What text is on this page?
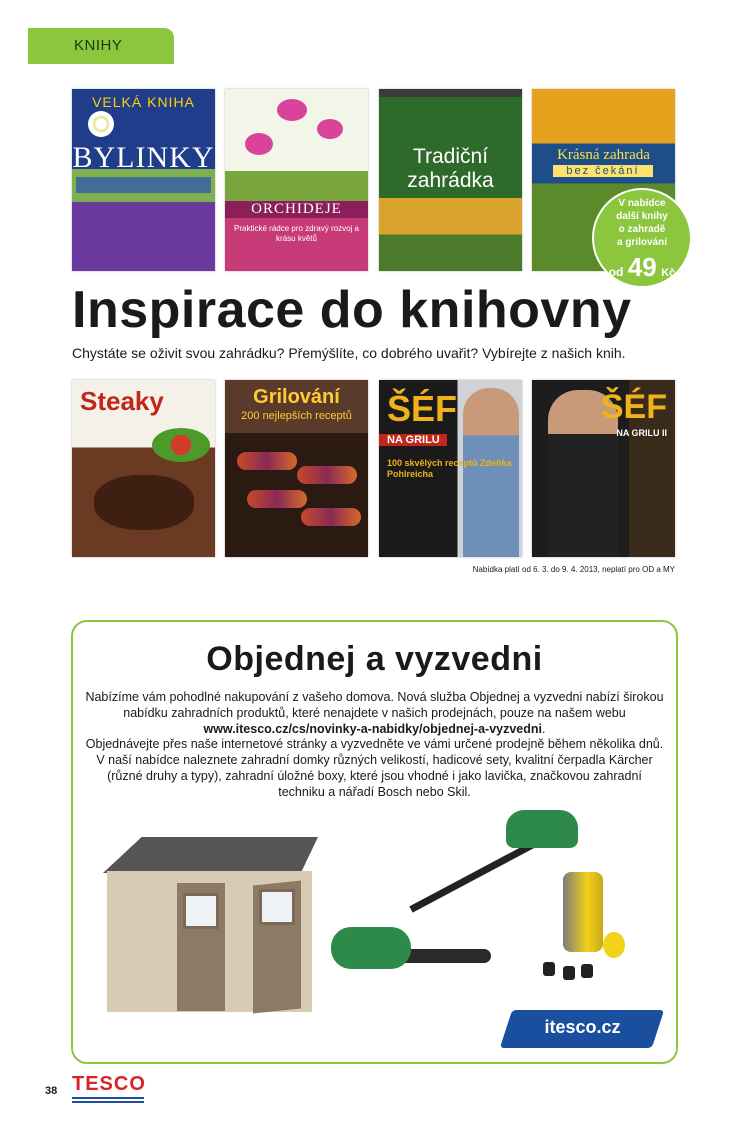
KNIHY
VELKÁ KNIHA
BYLINKY
ORCHIDEJE
Praktické rádce pro zdravý rozvoj a krásu květů
Tradiční zahrádka
Krásná zahrada
bez čekání
V nabídce
další knihy
o zahradě
a grilování
od 49 Kč
Inspirace do knihovny
Chystáte se oživit svou zahrádku? Přemýšlíte, co dobrého uvařit? Vybírejte z našich knih.
Steaky	Grilování
200 nejlepších receptů ŠÉF
NA GRILU
100 skvělých receptů Zdeňka Pohlreicha
ŠÉF
NA GRILU II
Nabídka platí od 6. 3. do 9. 4. 2013, neplatí pro OD a MY
Objednej a vyzvedni
Nabízíme vám pohodlné nakupování z vašeho domova. Nová služba Objednej a vyzvedni nabízí širokou nabídku zahradních produktů, které nenajdete v našich prodejnách, pouze na našem webu www.itesco.cz/cs/novinky-a-nabidky/objednej-a-vyzvedni.
Objednávejte přes naše internetové stránky a vyzvedněte ve vámi určené prodejně během několika dnů. V naší nabídce naleznete zahradní domky různých velikostí, hadicové sety, kvalitní čerpadla Kärcher (různé druhy a typy), zahradní úložné boxy, které jsou vhodné i jako lavička, značkovou zahradní techniku a nářadí Bosch nebo Skil.
itesco.cz
38 TESCO
